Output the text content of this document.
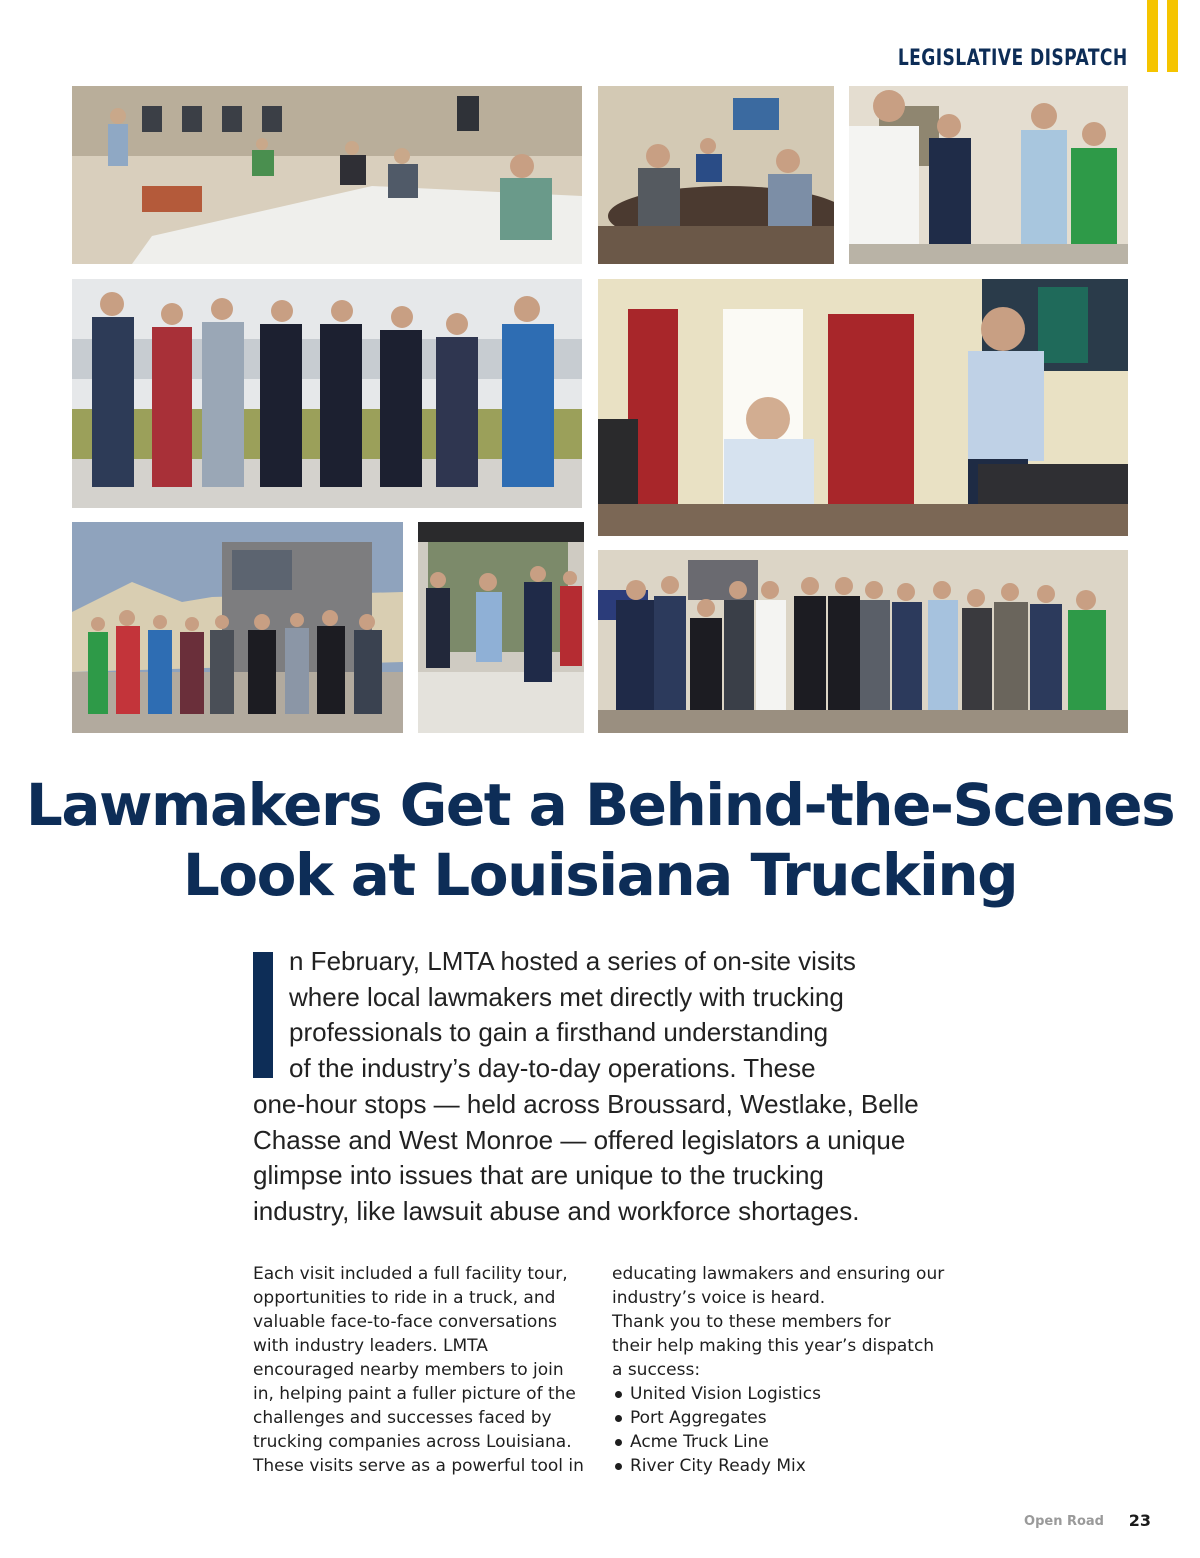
LEGISLATIVE DISPATCH
Lawmakers Get a Behind-the-Scenes
Look at Louisiana Trucking
n February, LMTA hosted a series of on-site visits
where local lawmakers met directly with trucking
professionals to gain a firsthand understanding
of the industry’s day-to-day operations. These
one-hour stops — held across Broussard, Westlake, Belle
Chasse and West Monroe — offered legislators a unique
glimpse into issues that are unique to the trucking
industry, like lawsuit abuse and workforce shortages.

Each visit included a full facility tour,

opportunities to ride in a truck, and

valuable face-to-face conversations

with industry leaders. LMTA

encouraged nearby members to join

in, helping paint a fuller picture of the

challenges and successes faced by

trucking companies across Louisiana.

These visits serve as a powerful tool in

educating lawmakers and ensuring our

industry’s voice is heard.

Thank you to these members for

their help making this year’s dispatch

a success:

United Vision Logistics
Port Aggregates
Acme Truck Line
River City Ready Mix
Open Road 23
